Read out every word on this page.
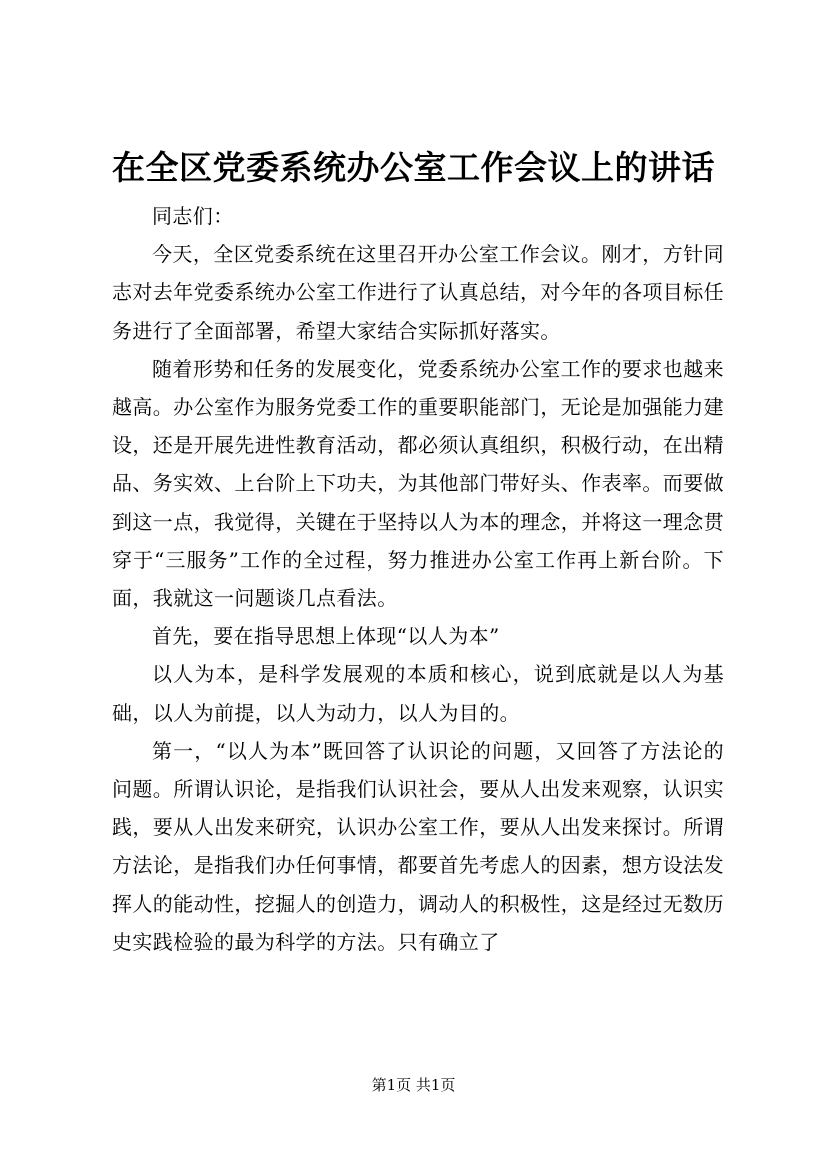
在全区党委系统办公室工作会议上的讲话

同志们：

今天，全区党委系统在这里召开办公室工作会议。刚才，方针同志对去年党委系统办公室工作进行了认真总结，对今年的各项目标任务进行了全面部署，希望大家结合实际抓好落实。

随着形势和任务的发展变化，党委系统办公室工作的要求也越来越高。办公室作为服务党委工作的重要职能部门，无论是加强能力建设，还是开展先进性教育活动，都必须认真组织，积极行动，在出精品、务实效、上台阶上下功夫，为其他部门带好头、作表率。而要做到这一点，我觉得，关键在于坚持以人为本的理念，并将这一理念贯穿于“三服务”工作的全过程，努力推进办公室工作再上新台阶。下面，我就这一问题谈几点看法。

首先，要在指导思想上体现“以人为本”

以人为本，是科学发展观的本质和核心，说到底就是以人为基础，以人为前提，以人为动力，以人为目的。

第一，“以人为本”既回答了认识论的问题，又回答了方法论的问题。所谓认识论，是指我们认识社会，要从人出发来观察，认识实践，要从人出发来研究，认识办公室工作，要从人出发来探讨。所谓方法论，是指我们办任何事情，都要首先考虑人的因素，想方设法发挥人的能动性，挖掘人的创造力，调动人的积极性，这是经过无数历史实践检验的最为科学的方法。只有确立了

第1页 共1页
